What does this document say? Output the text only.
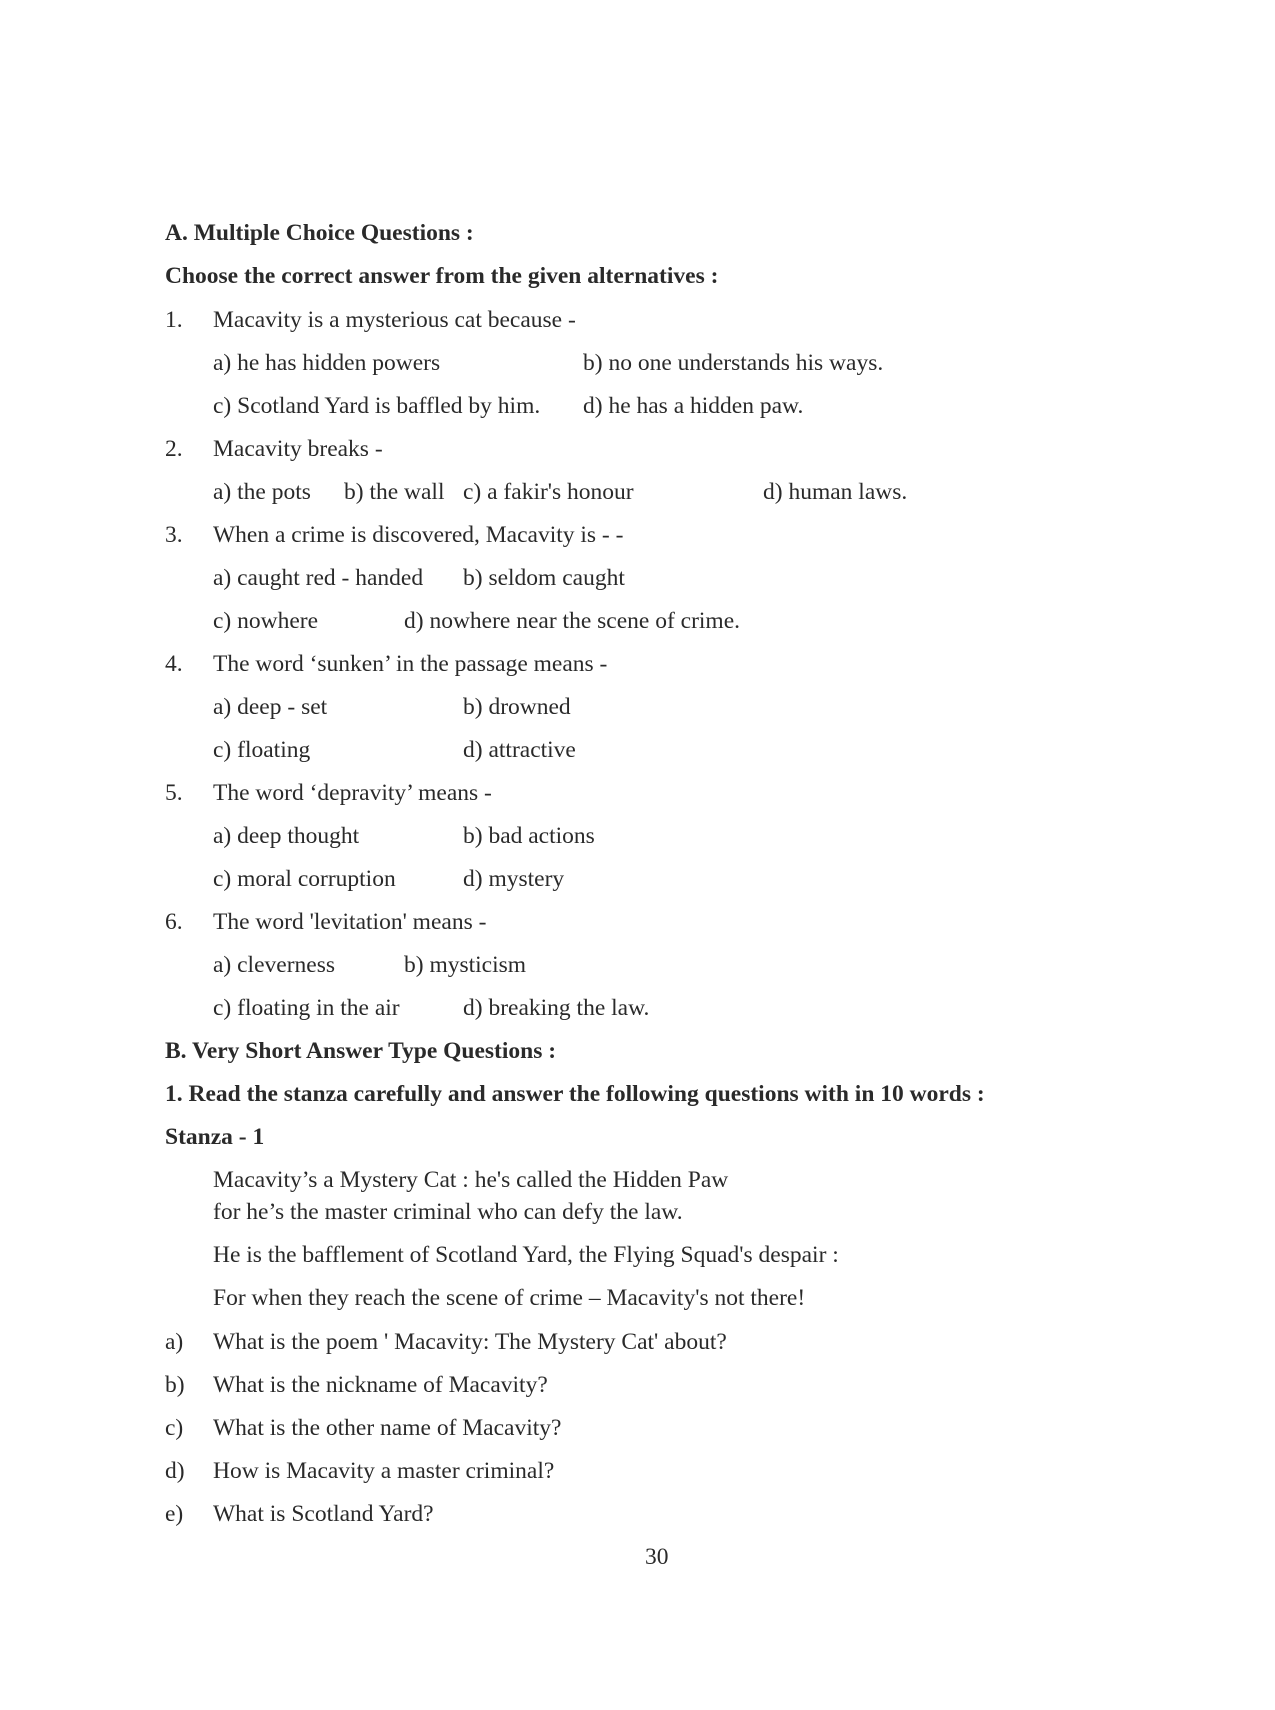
A. Multiple Choice Questions :
Choose the correct answer from the given alternatives :
1. Macavity is a mysterious cat because -
a) he has hidden powers	b) no one understands his ways.
c) Scotland Yard is baffled by him. d) he has a hidden paw.
2. Macavity breaks -
a) the pots b) the wall c) a fakir's honour	d) human laws.
3. When a crime is discovered, Macavity is - -
a) caught red - handed b) seldom caught
c) nowhere	d) nowhere near the scene of crime.
4. The word ‘sunken’ in the passage means -
a) deep - set	b) drowned
c) floating	d) attractive
5. The word ‘depravity’ means -
a) deep thought	b) bad actions
c) moral corruption	d) mystery
6. The word 'levitation' means -
a) cleverness	b) mysticism
c) floating in the air	d) breaking the law.
B. Very Short Answer Type Questions :
1. Read the stanza carefully and answer the following questions with in 10 words :
Stanza - 1
Macavity’s a Mystery Cat : he's called the Hidden Paw
for he’s the master criminal who can defy the law.
He is the bafflement of Scotland Yard, the Flying Squad's despair :
For when they reach the scene of crime – Macavity's not there!
a) What is the poem ' Macavity: The Mystery Cat' about?
b) What is the nickname of Macavity?
c) What is the other name of Macavity?
d) How is Macavity a master criminal?
e) What is Scotland Yard?
30
